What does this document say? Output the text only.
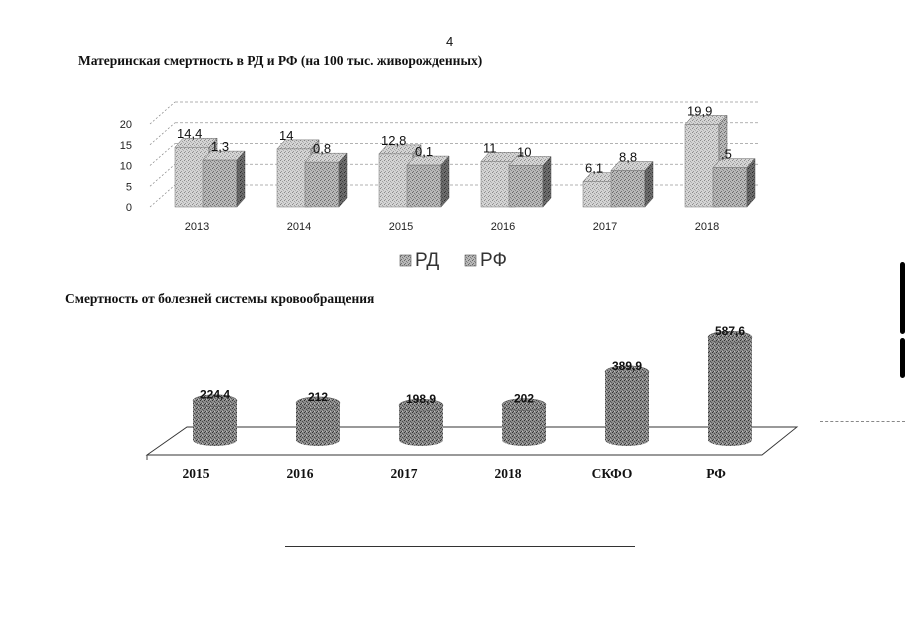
4
Материнская смертность в РД и РФ (на 100 тыс. живорожденных)
Смертность от болезней системы кровообращения
0
5
10
15
20
14,4
1,3
2013
14
0,8
2014
12,8
0,1
2015
11 10
2016
6,1
8,8
2017
19,9
,5
2018
РД РФ
224,4
2015
212
2016
198,9
2017
202
2018
389,9
СКФО
587,6
РФ
